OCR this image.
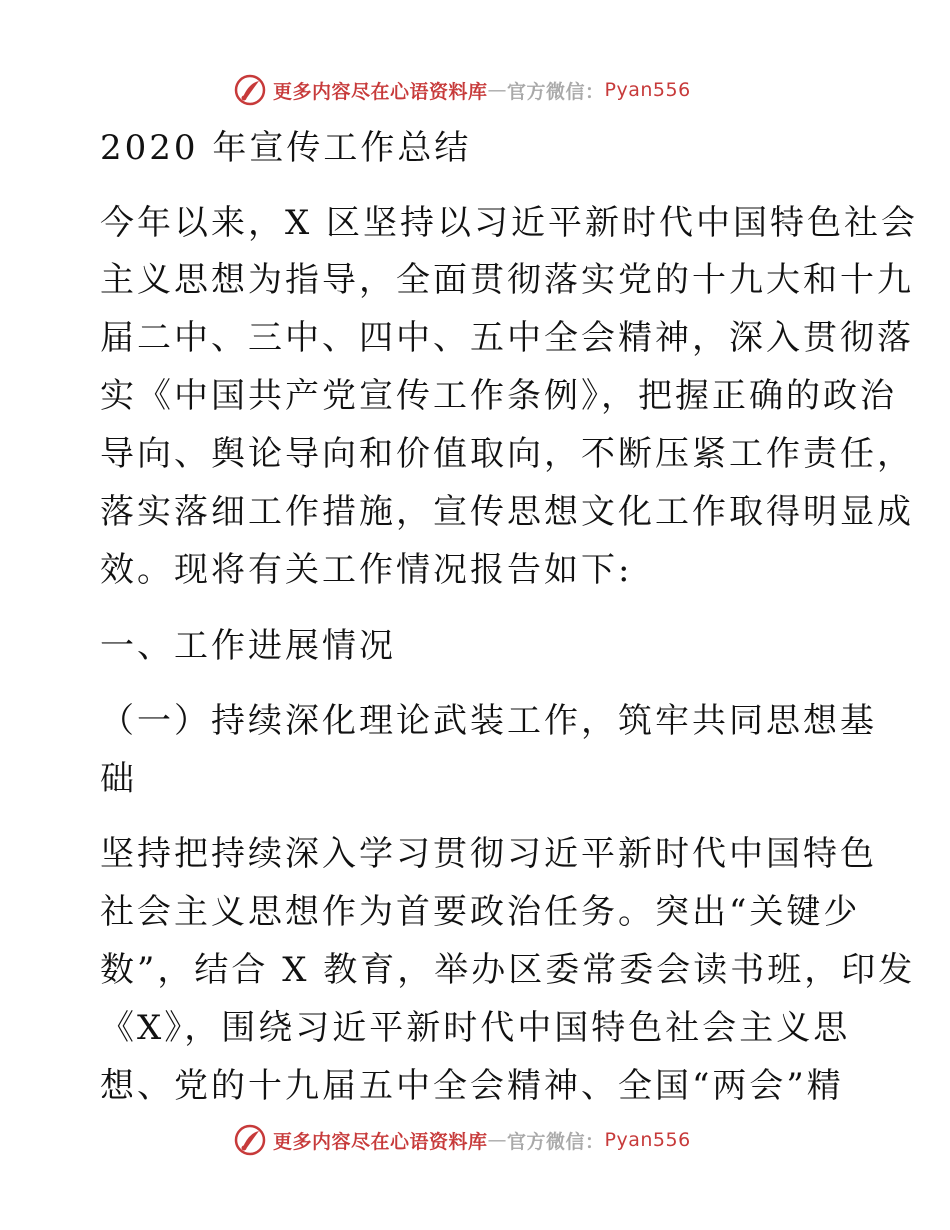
更多内容尽在心语资料库 — 官方微信： Pyan556
2020 年宣传工作总结
今年以来，X 区坚持以习近平新时代中国特色社会
主义思想为指导，全面贯彻落实党的十九大和十九
届二中、三中、四中、五中全会精神，深入贯彻落
实《中国共产党宣传工作条例》，把握正确的政治
导向、舆论导向和价值取向，不断压紧工作责任，
落实落细工作措施，宣传思想文化工作取得明显成
效。现将有关工作情况报告如下:
一、工作进展情况
（一）持续深化理论武装工作，筑牢共同思想基
础
坚持把持续深入学习贯彻习近平新时代中国特色
社会主义思想作为首要政治任务。突出“关键少
数”，结合 X 教育，举办区委常委会读书班，印发
《X》，围绕习近平新时代中国特色社会主义思
想、党的十九届五中全会精神、全国“两会”精
更多内容尽在心语资料库 — 官方微信： Pyan556
